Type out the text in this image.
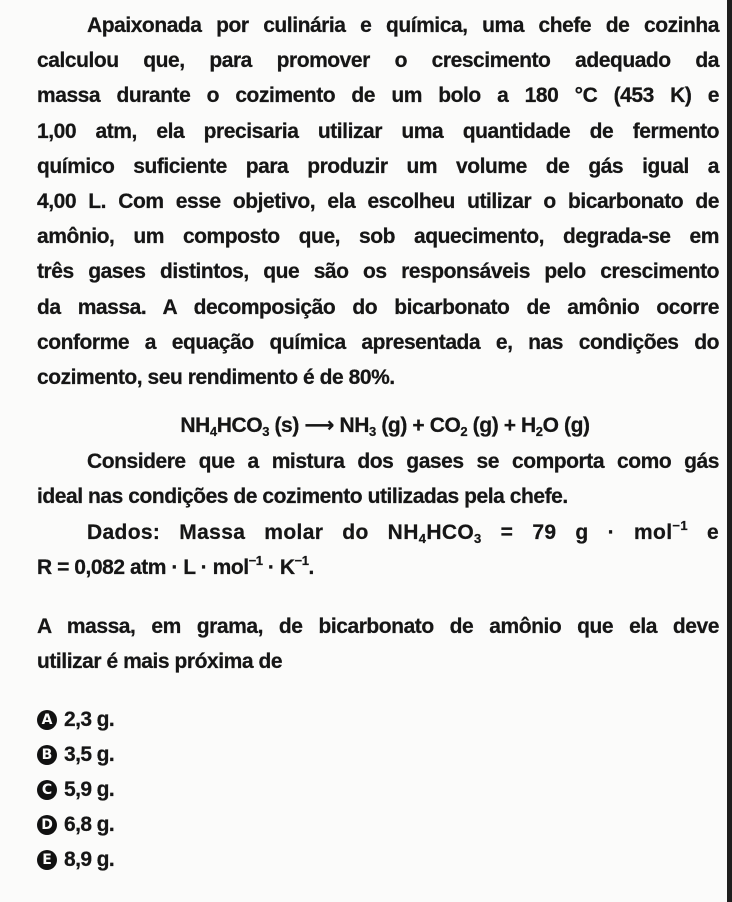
Apaixonada por culinária e química, uma chefe de cozinha
calculou que, para promover o crescimento adequado da
massa durante o cozimento de um bolo a 180 °C (453 K) e
1,00 atm, ela precisaria utilizar uma quantidade de fermento
químico suficiente para produzir um volume de gás igual a
4,00 L. Com esse objetivo, ela escolheu utilizar o bicarbonato de
amônio, um composto que, sob aquecimento, degrada-se em
três gases distintos, que são os responsáveis pelo crescimento
da massa. A decomposição do bicarbonato de amônio ocorre
conforme a equação química apresentada e, nas condições do
cozimento, seu rendimento é de 80%.

$NH_4HCO_3$ (s) ⟶ $NH_3$ $(g) + CO_2$ $(g) + H_2O$ (g)

Considere que a mistura dos gases se comporta como gás
ideal nas condições de cozimento utilizadas pela chefe.

Dados: Massa molar do $NH_4HCO_3 = 79$ g · mol$^{-1}$ e
R = 0,082 atm · $L \cdot mol^{-1} \cdot K^{-1}$.

A massa, em grama, de bicarbonato de amônio que ela deve
utilizar é mais próxima de

A 2,3 g.
B 3,5 g.
C 5,9 g.
D 6,8 g.
E 8,9 g.
